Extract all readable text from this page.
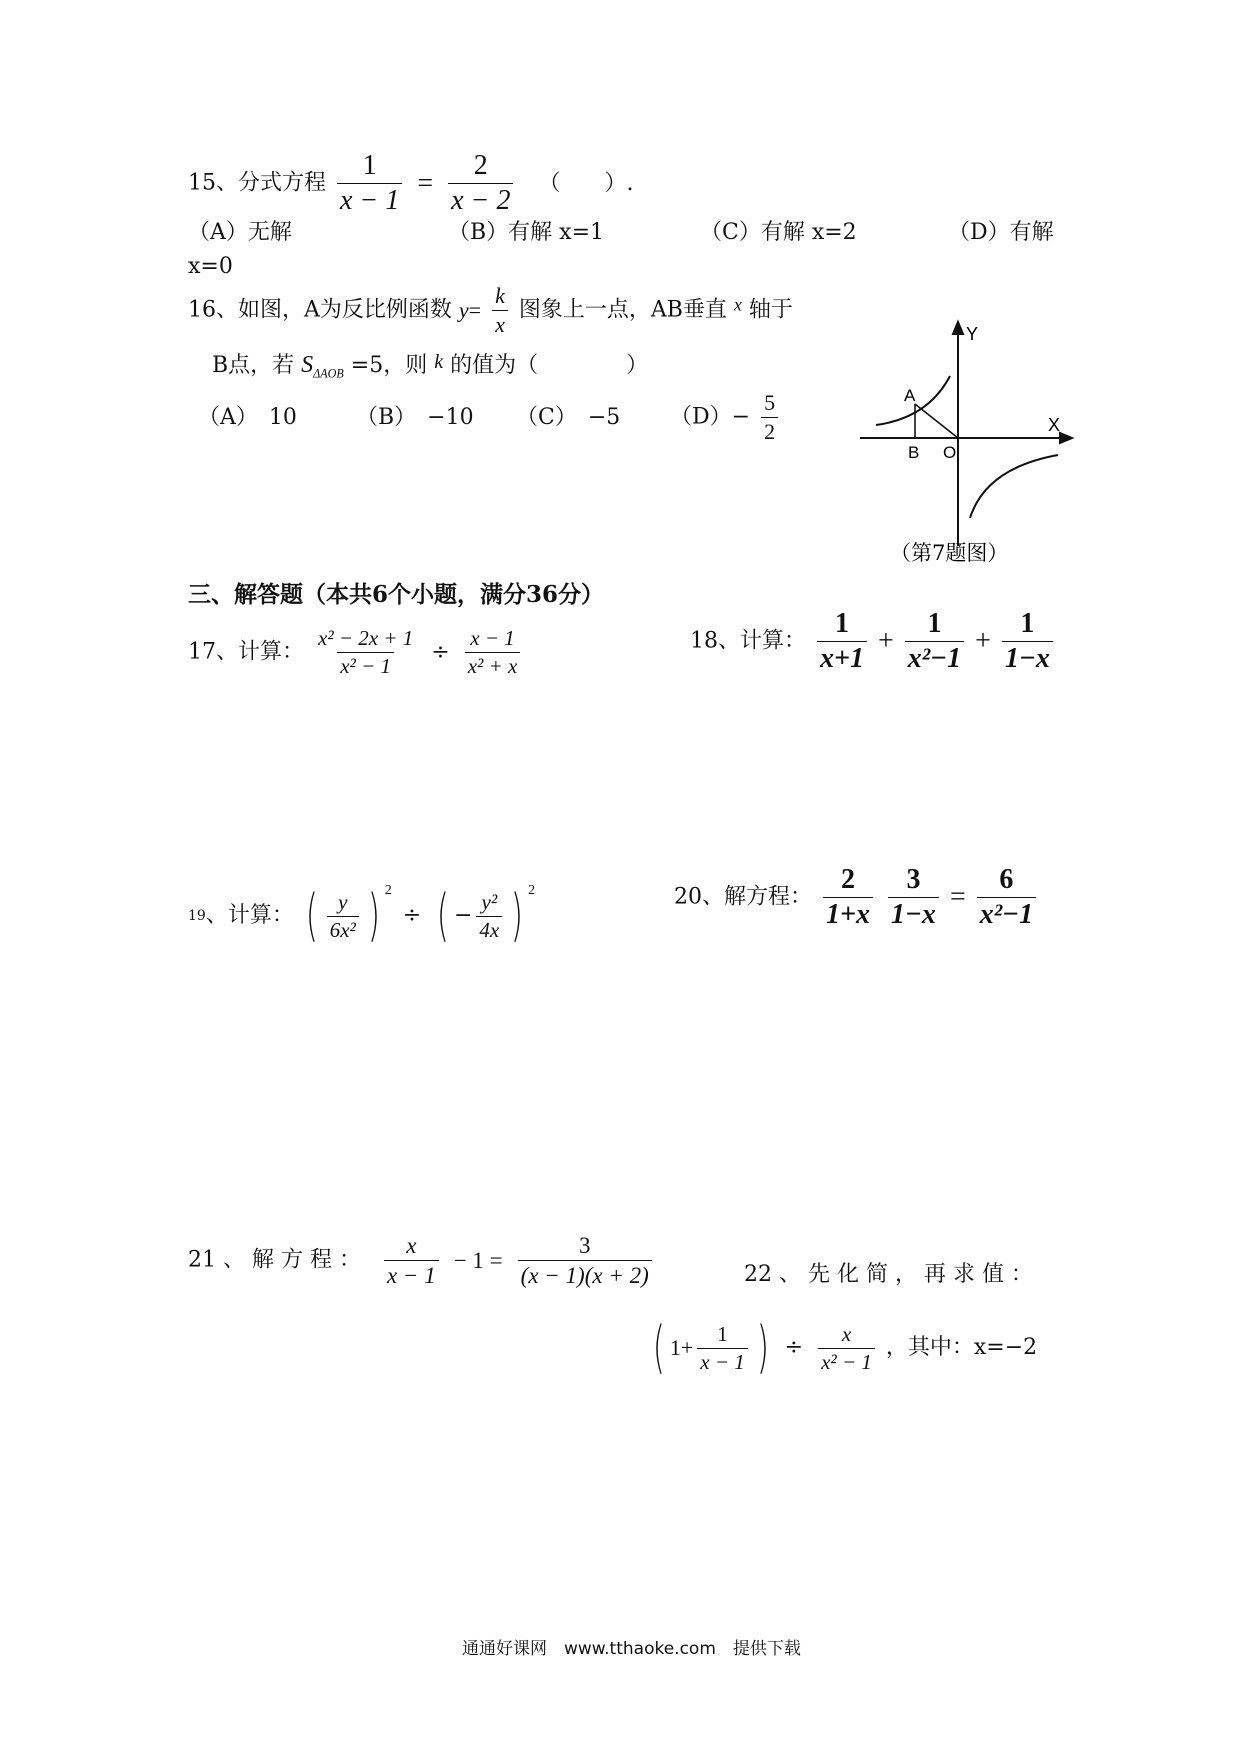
15、分式方程 $\frac{1}{x - 1} = \frac{2}{x - 2}$ （　　）.
（A）无解	（B）有解 x=1	（C）有解 x=2	（D）有解
x=0
16、如图，A为反比例函数 $y= \frac{k}{x}$ 图象上一点，AB垂直 $^x$ 轴于
B点，若 $S_{\Delta AOB} =5$，则 k 的值为（　　　　）
（A）　10	（B）　−10 （C）　−5 $(D)- \frac{5}{2}$
Y
X
A
B O
（第7题图）
三、解答题（本共6个小题，满分36分）
17、计算： $\frac{\text{x² − 2x + 1}}{\text{x² − 1}} \div \frac{x - 1}{\text{x² + x}}$	18、计算： $\frac{1}{x+1} + \frac{1}{\text{x²−1}} + \frac{1}{1-x}$
19、计算： ( $\frac{y}{\text{6x²}}$ ) $^2$ ÷ ( − $\frac{\text{y²}}{4x}$ ) $^2$	20、解方程： $\frac{2}{1+x}$
$\frac{3}{1-x} = \frac{6}{\text{x²−1}}$
21 、 解 方 程 ： $\frac{x}{x - 1} - 1 = \frac{3}{(x - 1)(x + 2)}$	22 、 先 化 简 ， 再 求 值 ：
( $1+ \frac{1}{x - 1}$ ) ÷ $\frac{x}{\text{x² − 1}}$ ，其中：x=−2
通通好课网　www.tthaoke.com　提供下载
